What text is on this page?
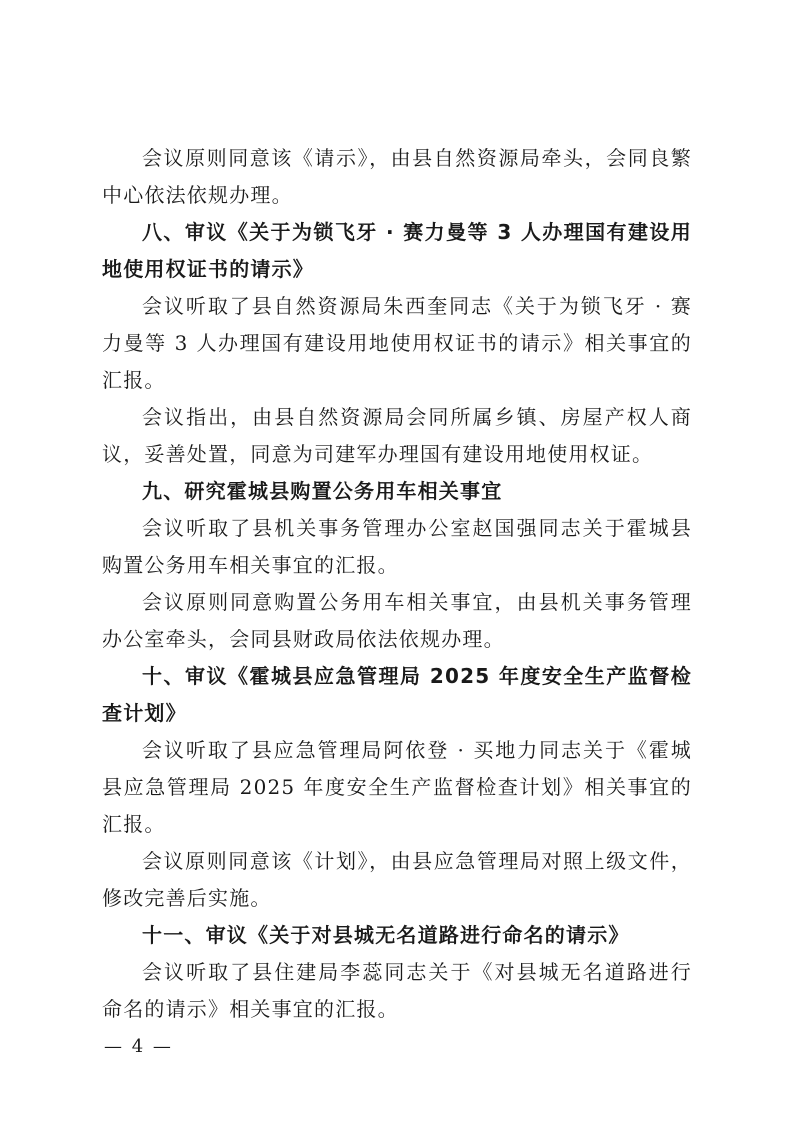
会议原则同意该《请示》，由县自然资源局牵头，会同良繁中心依法依规办理。

八、审议《关于为锁飞牙 · 赛力曼等 3 人办理国有建设用地使用权证书的请示》

会议听取了县自然资源局朱西奎同志《关于为锁飞牙 · 赛力曼等 3 人办理国有建设用地使用权证书的请示》相关事宜的汇报。

会议指出，由县自然资源局会同所属乡镇、房屋产权人商议，妥善处置，同意为司建军办理国有建设用地使用权证。

九、研究霍城县购置公务用车相关事宜

会议听取了县机关事务管理办公室赵国强同志关于霍城县购置公务用车相关事宜的汇报。

会议原则同意购置公务用车相关事宜，由县机关事务管理办公室牵头，会同县财政局依法依规办理。

十、审议《霍城县应急管理局 2025 年度安全生产监督检查计划》

会议听取了县应急管理局阿依登 · 买地力同志关于《霍城县应急管理局 2025 年度安全生产监督检查计划》相关事宜的汇报。

会议原则同意该《计划》，由县应急管理局对照上级文件，修改完善后实施。

十一、审议《关于对县城无名道路进行命名的请示》

会议听取了县住建局李蕊同志关于《对县城无名道路进行命名的请示》相关事宜的汇报。

— 4 —
